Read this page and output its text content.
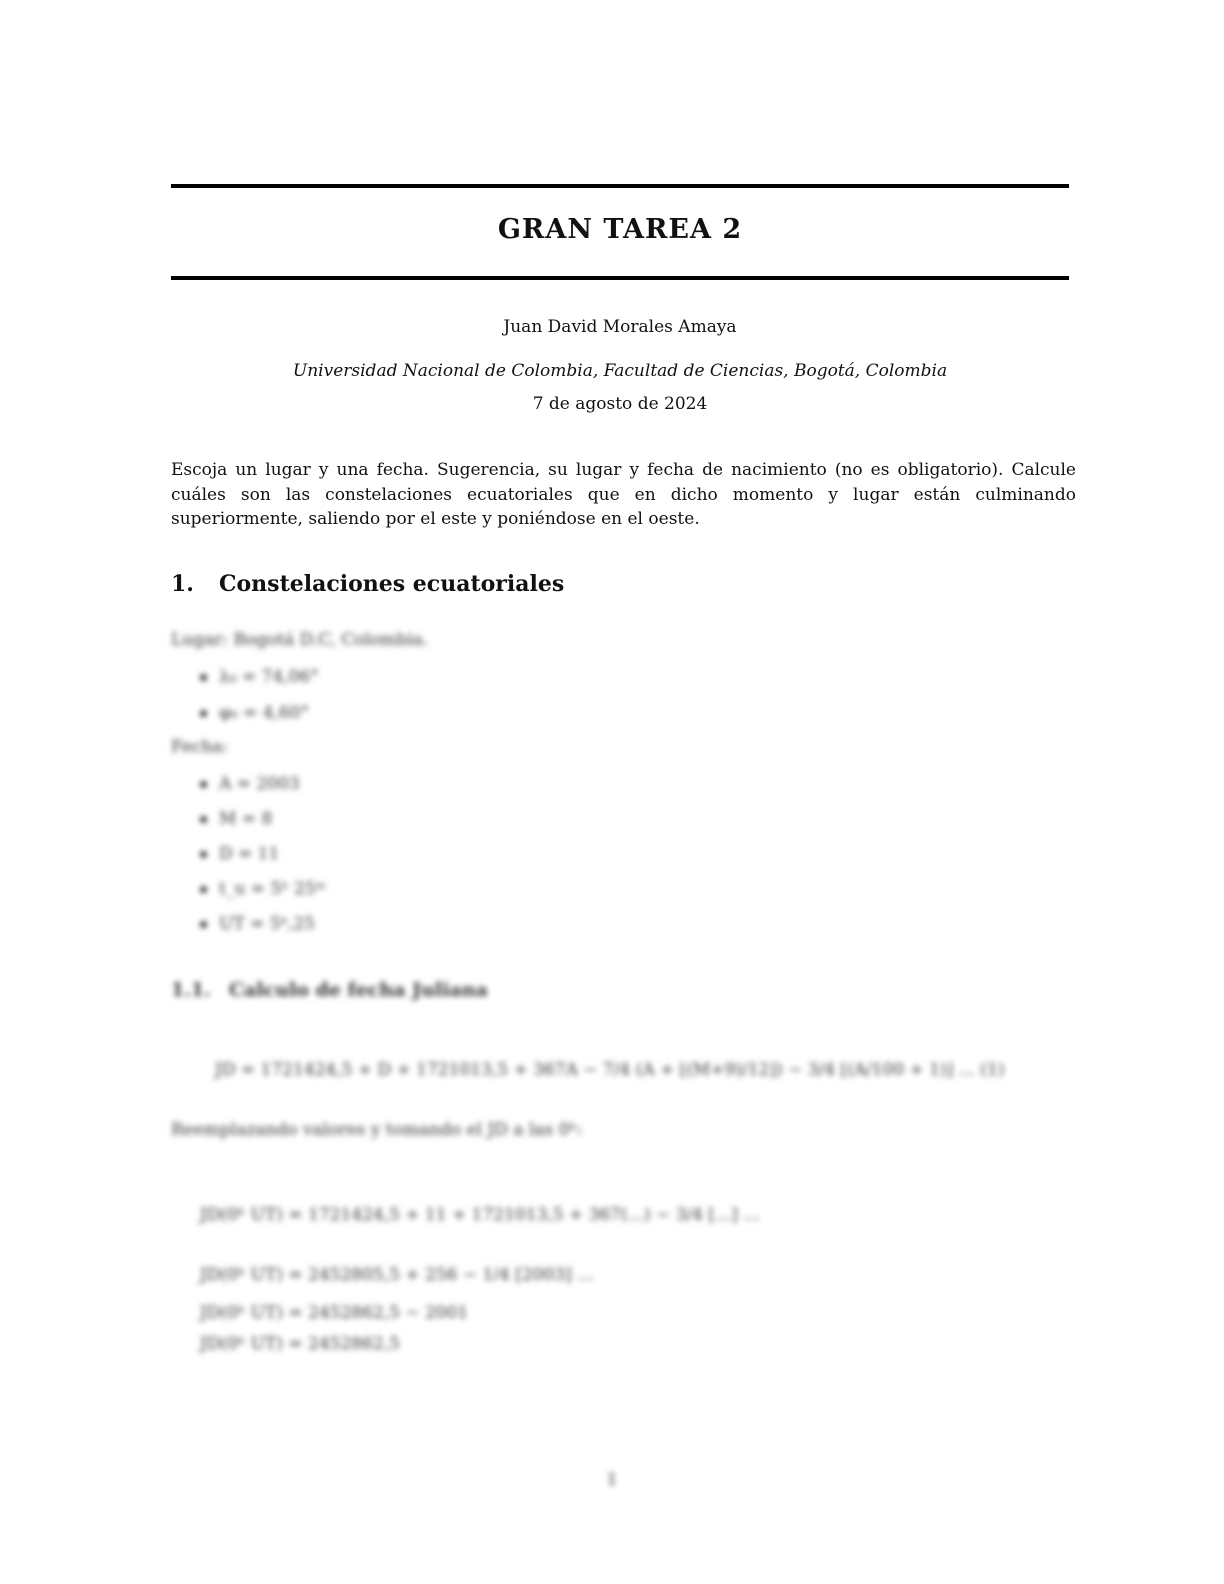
GRAN TAREA 2
Juan David Morales Amaya
Universidad Nacional de Colombia, Facultad de Ciencias, Bogotá, Colombia
7 de agosto de 2024
Escoja un lugar y una fecha. Sugerencia, su lugar y fecha de nacimiento (no es obligatorio). Calcule cuáles son las constelaciones ecuatoriales que en dicho momento y lugar están culminando superiormente, saliendo por el este y poniéndose en el oeste.
1. Constelaciones ecuatoriales
Lugar: Bogotá D.C, Colombia.
λ₀ = 74,06°
φ₀ = 4,60°
Fecha:
A = 2003
M = 8
D = 11
t_u = 5ʰ 25ᵐ
UT = 5ʰ,25
1.1. Calculo de fecha Juliana
JD = 1721424,5 + D + 1721013,5 + 367A − 7/4 (A + ⌊(M+9)/12⌋) − 3/4 ⌊(A/100 + 1)⌋ ... (1)
Reemplazando valores y tomando el JD a las 0ʰ:
JD(0ʰ UT) = 1721424,5 + 11 + 1721013,5 + 367(...) − 3/4 [...] ...
JD(0ʰ UT) = 2452805,5 + 256 − 1/4 [2003] ...
JD(0ʰ UT) = 2452862,5 − 2001
JD(0ʰ UT) = 2452862,5
1
